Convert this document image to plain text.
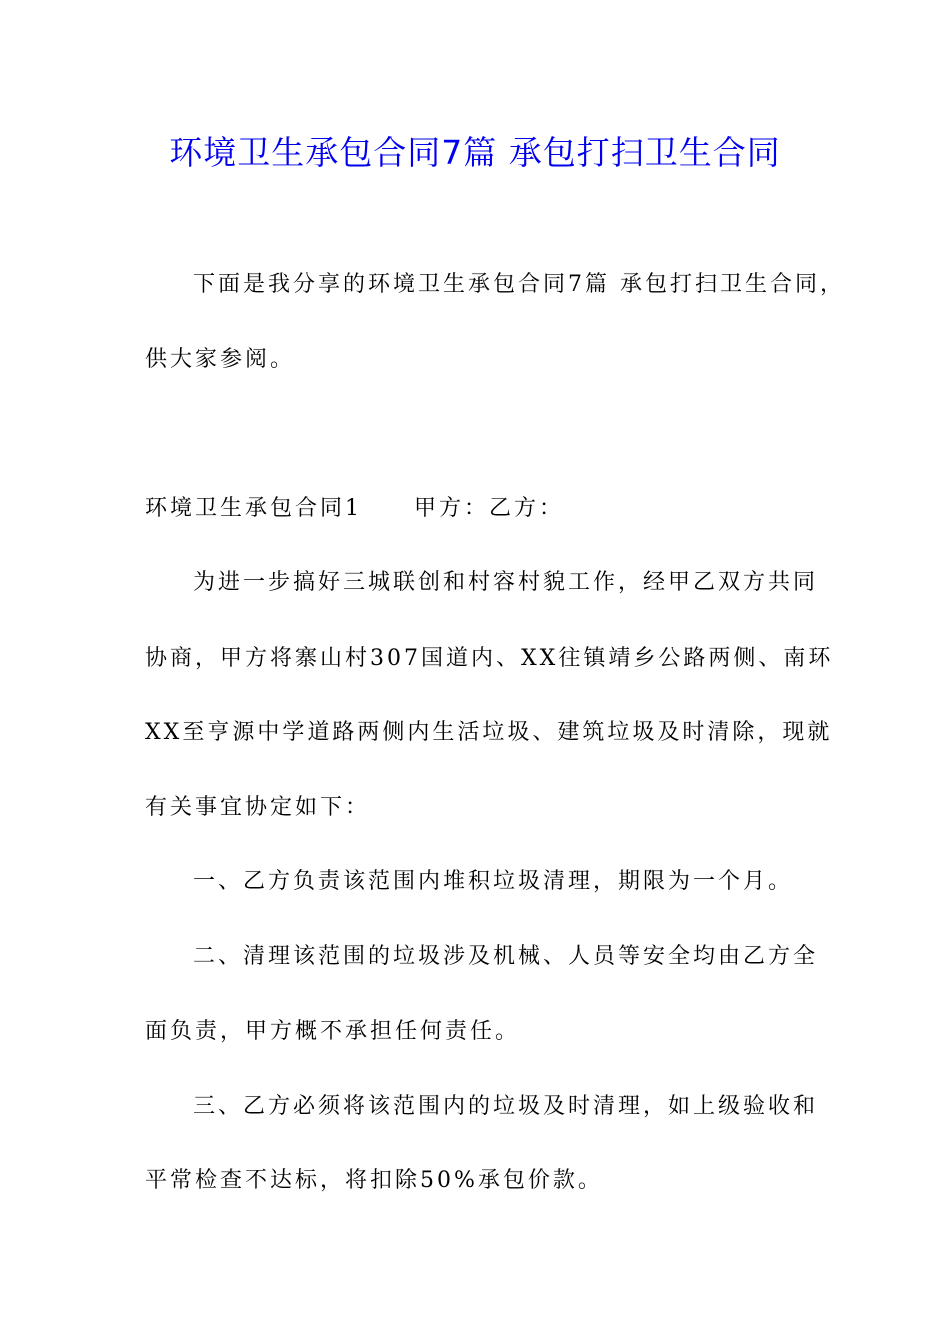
环境卫生承包合同7篇 承包打扫卫生合同
下面是我分享的环境卫生承包合同7篇 承包打扫卫生合同，
供大家参阅。
环境卫生承包合同1 甲方：乙方：
为进一步搞好三城联创和村容村貌工作，经甲乙双方共同
协商，甲方将寨山村307国道内、XX往镇靖乡公路两侧、南环
XX至亨源中学道路两侧内生活垃圾、建筑垃圾及时清除，现就
有关事宜协定如下：
一、乙方负责该范围内堆积垃圾清理，期限为一个月。
二、清理该范围的垃圾涉及机械、人员等安全均由乙方全
面负责，甲方概不承担任何责任。
三、乙方必须将该范围内的垃圾及时清理，如上级验收和
平常检查不达标，将扣除50%承包价款。
